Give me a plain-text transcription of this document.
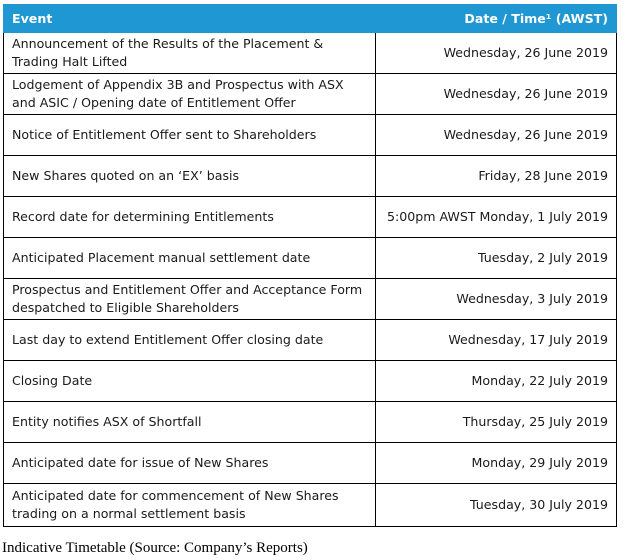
Event	Date / Time¹ (AWST)
Announcement of the Results of the Placement & Trading Halt Lifted	Wednesday, 26 June 2019
Lodgement of Appendix 3B and Prospectus with ASX and ASIC / Opening date of Entitlement Offer	Wednesday, 26 June 2019
Notice of Entitlement Offer sent to Shareholders	Wednesday, 26 June 2019
New Shares quoted on an ‘EX’ basis	Friday, 28 June 2019
Record date for determining Entitlements	5:00pm AWST Monday, 1 July 2019
Anticipated Placement manual settlement date	Tuesday, 2 July 2019
Prospectus and Entitlement Offer and Acceptance Form despatched to Eligible Shareholders	Wednesday, 3 July 2019
Last day to extend Entitlement Offer closing date	Wednesday, 17 July 2019
Closing Date	Monday, 22 July 2019
Entity notifies ASX of Shortfall	Thursday, 25 July 2019
Anticipated date for issue of New Shares	Monday, 29 July 2019
Anticipated date for commencement of New Shares trading on a normal settlement basis	Tuesday, 30 July 2019
Indicative Timetable (Source: Company’s Reports)
